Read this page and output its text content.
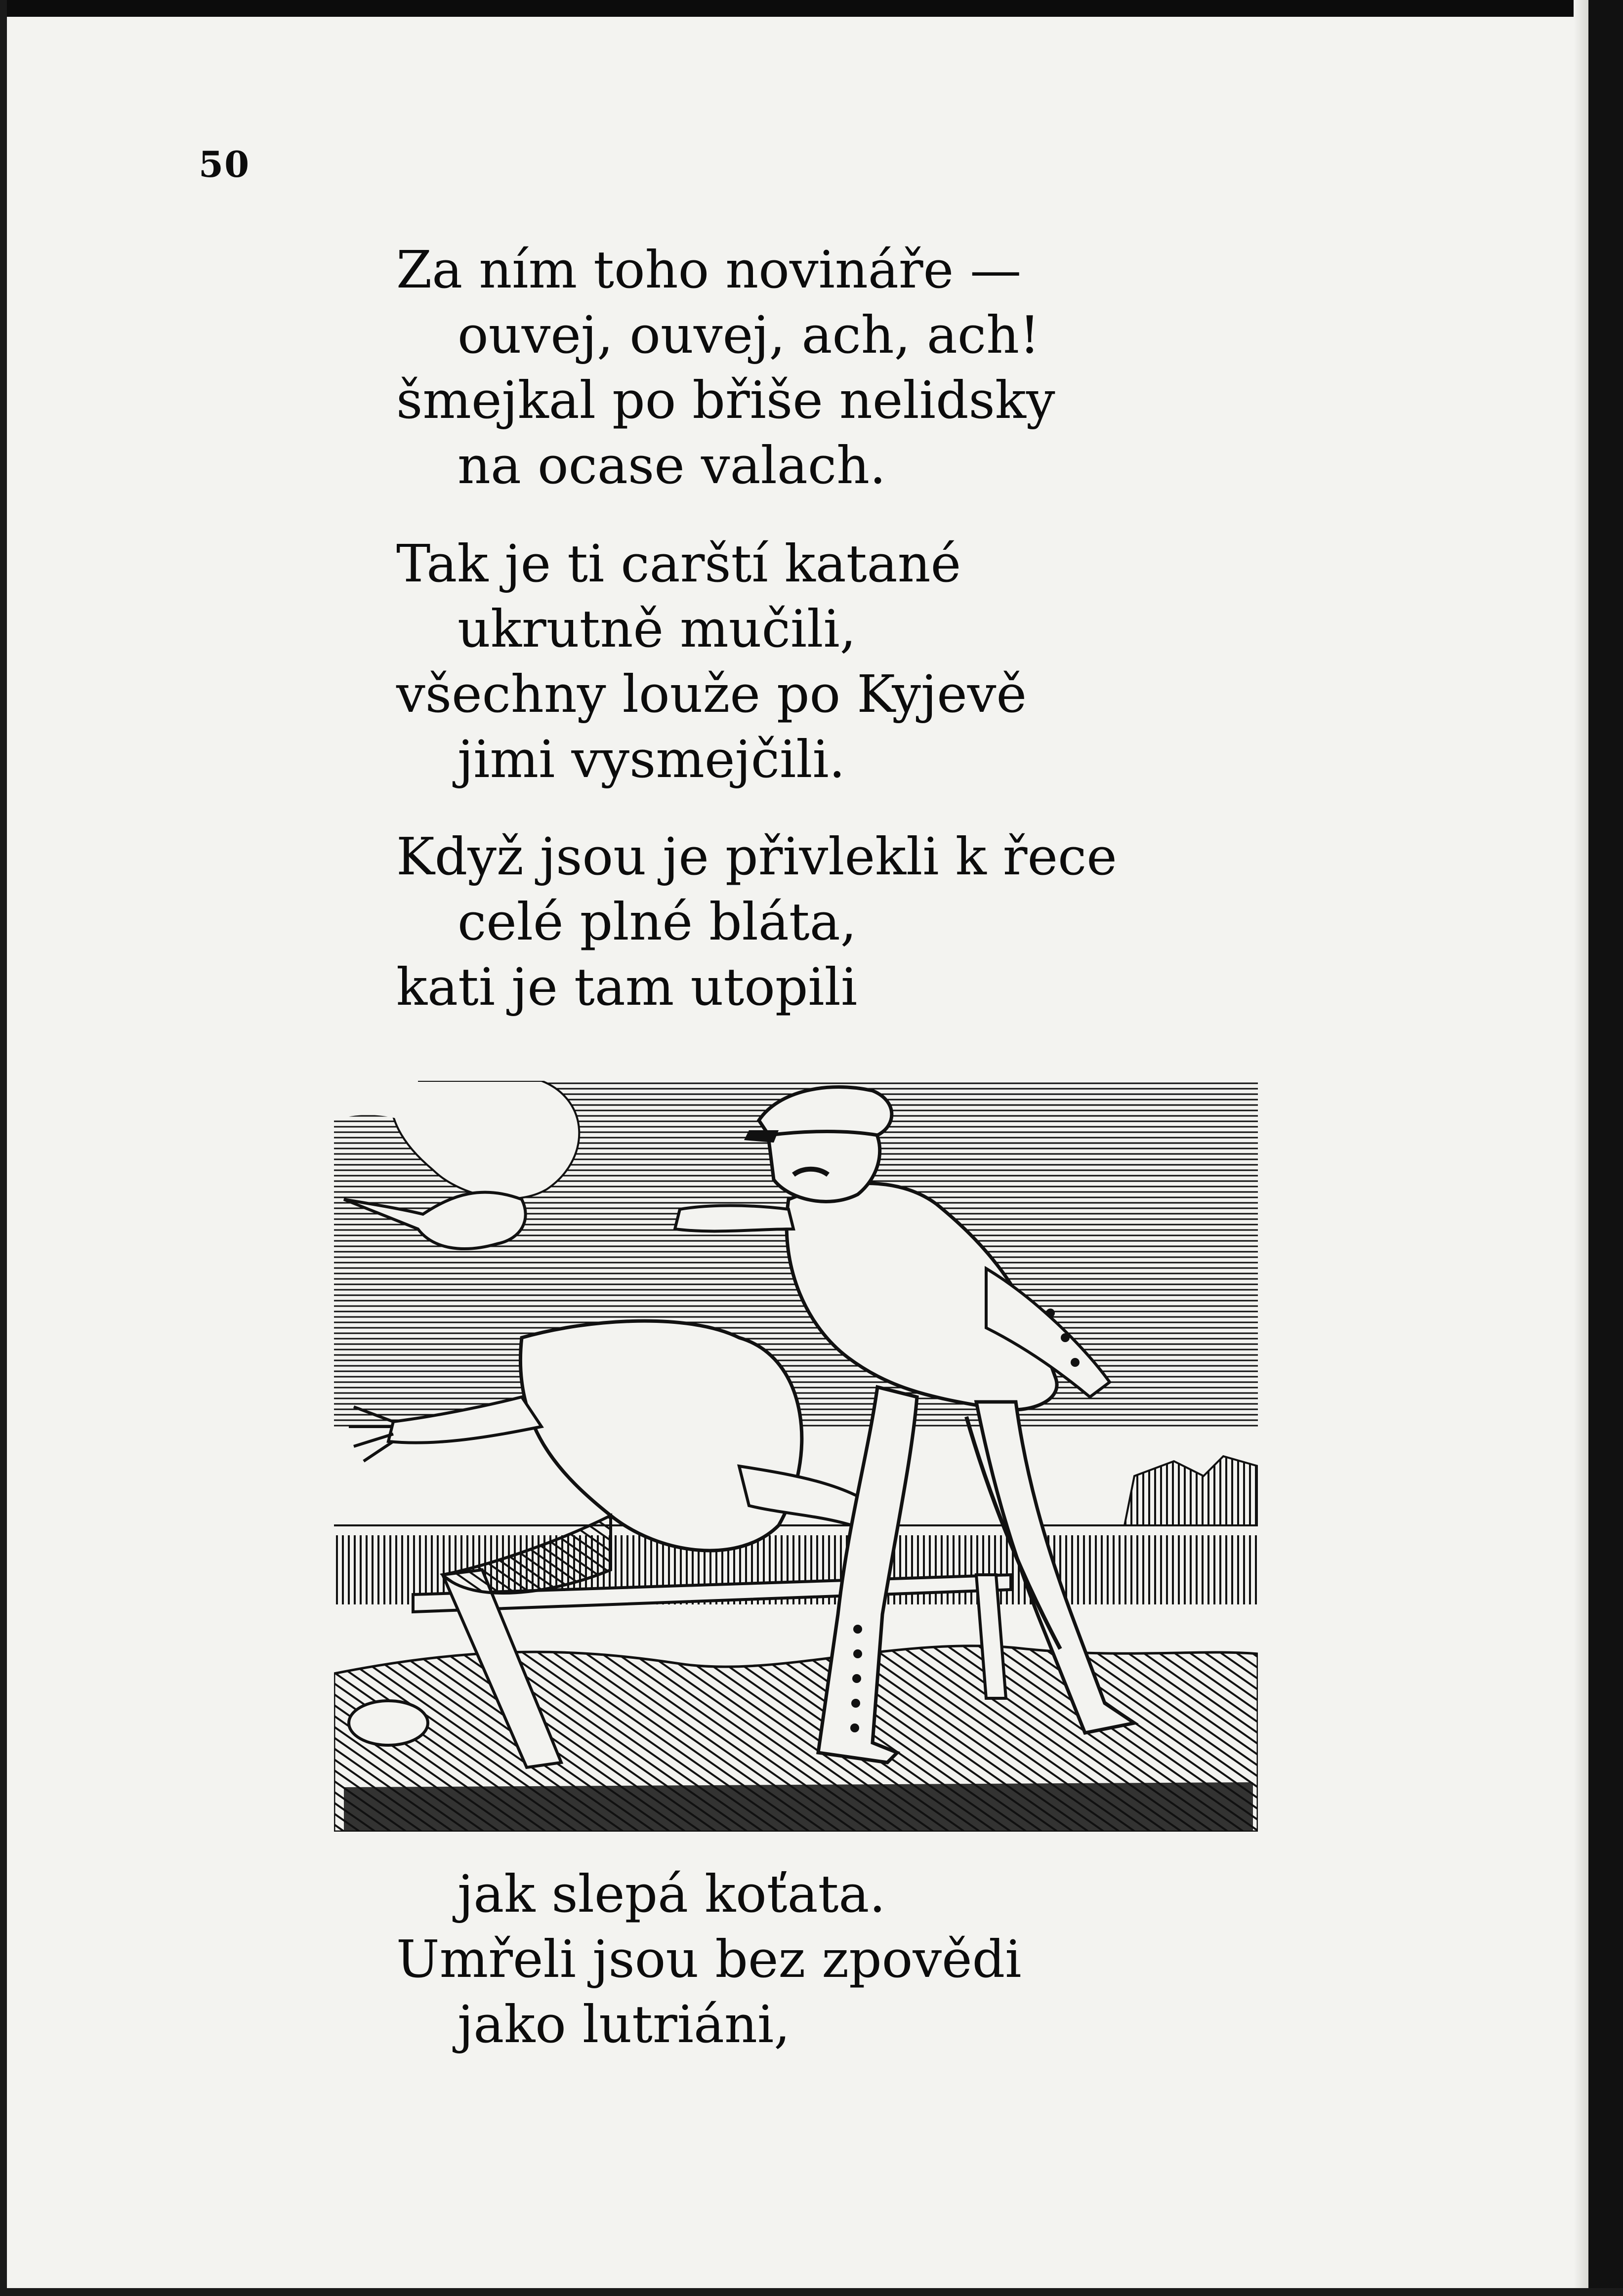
50
Za ním toho novináře —
ouvej, ouvej, ach, ach!
šmejkal po břiše nelidsky
na ocase valach.
Tak je ti carští katané
ukrutně mučili,
všechny louže po Kyjevě
jimi vysmejčili.
Když jsou je přivlekli k řece
celé plné bláta,
kati je tam utopili
jak slepá koťata.
Umřeli jsou bez zpovědi
jako lutriáni,
